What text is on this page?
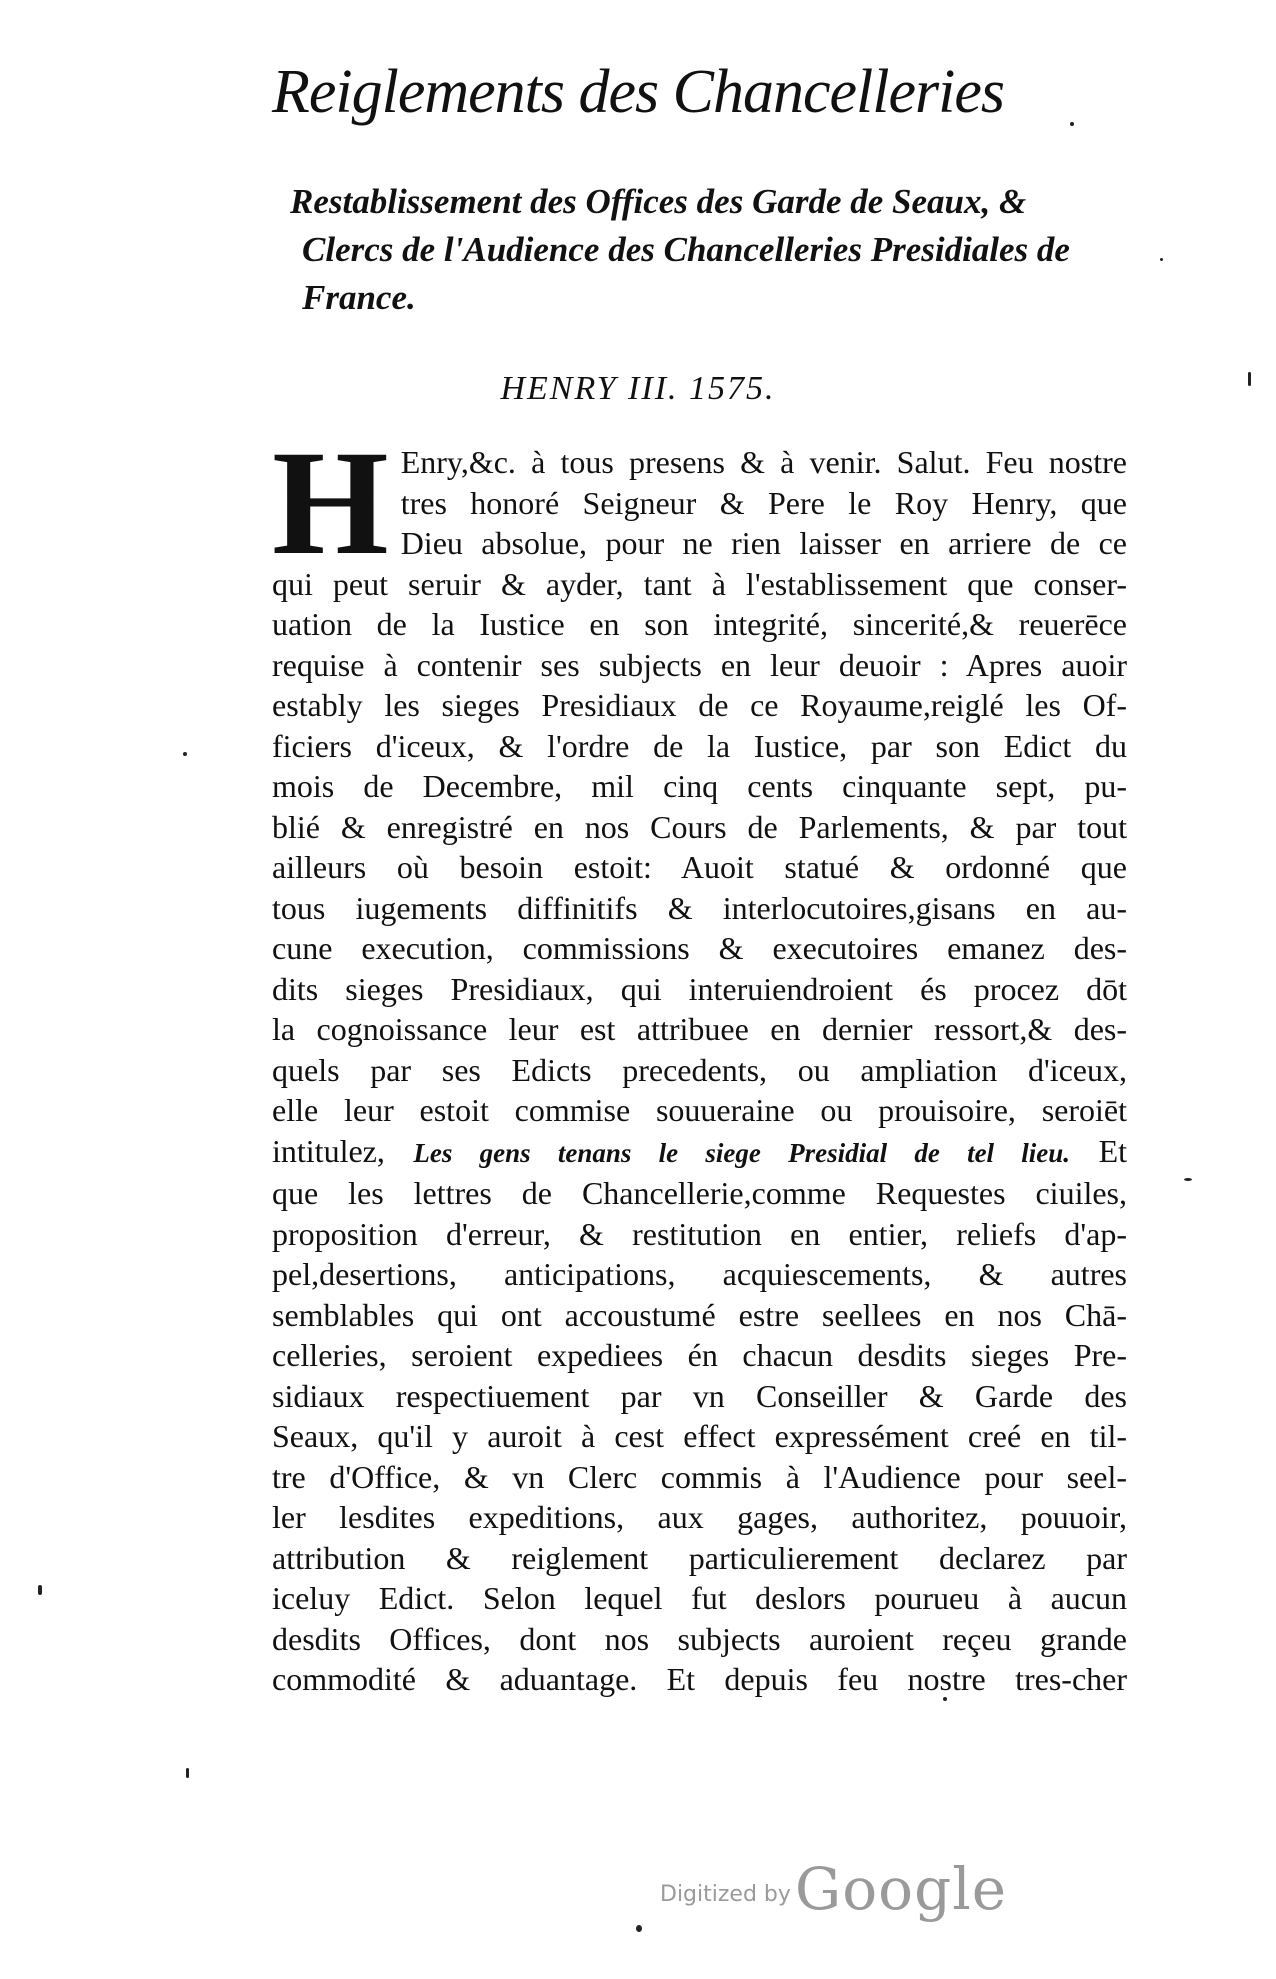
Reiglements des Chancelleries
Restablissement des Offices des Garde de Seaux, &
Clercs de l'Audience des Chancelleries Presidiales de
France.
HENRY III. 1575.
H Enry,&c. à tous presens & à venir. Salut. Feu nostre
tres honoré Seigneur & Pere le Roy Henry, que
Dieu absolue, pour ne rien laisser en arriere de ce
qui peut seruir & ayder, tant à l'establissement que conser-
uation de la Iustice en son integrité, sincerité,& reuerēce
requise à contenir ses subjects en leur deuoir : Apres auoir
estably les sieges Presidiaux de ce Royaume,reiglé les Of-
ficiers d'iceux, & l'ordre de la Iustice, par son Edict du
mois de Decembre, mil cinq cents cinquante sept, pu-
blié & enregistré en nos Cours de Parlements, & par tout
ailleurs où besoin estoit: Auoit statué & ordonné que
tous iugements diffinitifs & interlocutoires,gisans en au-
cune execution, commissions & executoires emanez des-
dits sieges Presidiaux, qui interuiendroient és procez dōt
la cognoissance leur est attribuee en dernier ressort,& des-
quels par ses Edicts precedents, ou ampliation d'iceux,
elle leur estoit commise souueraine ou prouisoire, seroiēt
intitulez, Les gens tenans le siege Presidial de tel lieu. Et
que les lettres de Chancellerie,comme Requestes ciuiles,
proposition d'erreur, & restitution en entier, reliefs d'ap-
pel,desertions, anticipations, acquiescements, & autres
semblables qui ont accoustumé estre seellees en nos Chā-
celleries, seroient expediees én chacun desdits sieges Pre-
sidiaux respectiuement par vn Conseiller & Garde des
Seaux, qu'il y auroit à cest effect expressément creé en til-
tre d'Office, & vn Clerc commis à l'Audience pour seel-
ler lesdites expeditions, aux gages, authoritez, pouuoir,
attribution & reiglement particulierement declarez par
iceluy Edict. Selon lequel fut deslors pourueu à aucun
desdits Offices, dont nos subjects auroient reçeu grande
commodité & aduantage. Et depuis feu nostre tres-cher
Digitized by Google
